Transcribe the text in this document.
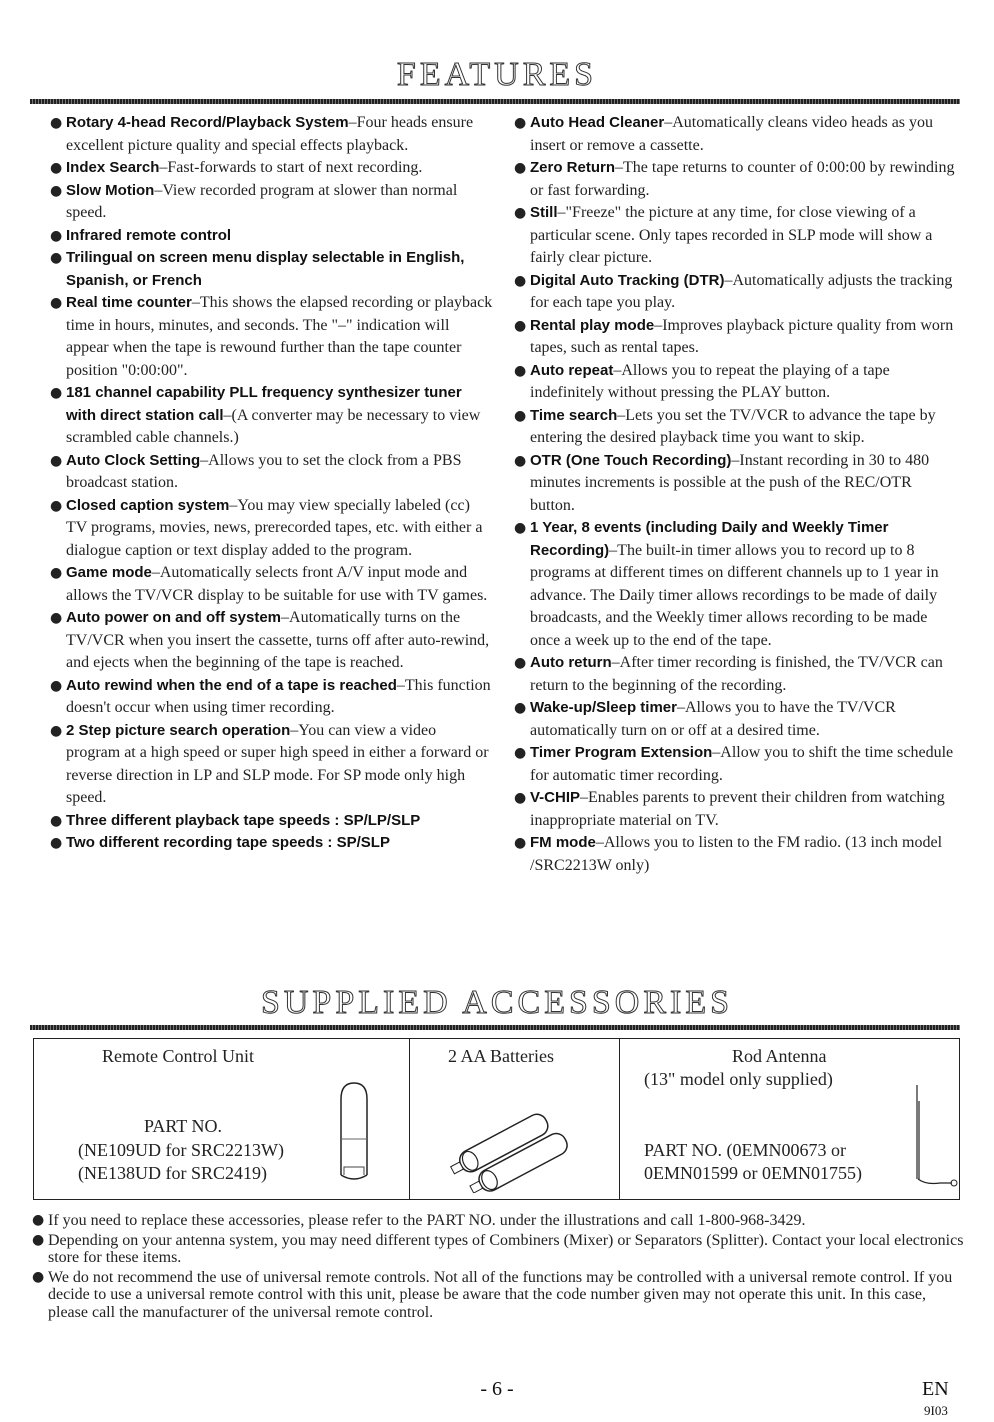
FEATURES
● Rotary 4-head Record/Playback System–Four heads ensure excellent picture quality and special effects playback.
● Index Search–Fast-forwards to start of next recording.
● Slow Motion–View recorded program at slower than normal speed.
● Infrared remote control
● Trilingual on screen menu display selectable in English, Spanish, or French
● Real time counter–This shows the elapsed recording or playback time in hours, minutes, and seconds. The "–" indication will appear when the tape is rewound further than the tape counter position "0:00:00".
● 181 channel capability PLL frequency synthesizer tuner with direct station call–(A converter may be necessary to view scrambled cable channels.)
● Auto Clock Setting–Allows you to set the clock from a PBS broadcast station.
● Closed caption system–You may view specially labeled (cc) TV programs, movies, news, prerecorded tapes, etc. with either a dialogue caption or text display added to the program.
● Game mode–Automatically selects front A/V input mode and allows the TV/VCR display to be suitable for use with TV games.
● Auto power on and off system–Automatically turns on the TV/VCR when you insert the cassette, turns off after auto-rewind, and ejects when the beginning of the tape is reached.
● Auto rewind when the end of a tape is reached–This function doesn't occur when using timer recording.
● 2 Step picture search operation–You can view a video program at a high speed or super high speed in either a forward or reverse direction in LP and SLP mode. For SP mode only high speed.
● Three different playback tape speeds : SP/LP/SLP
● Two different recording tape speeds : SP/SLP
● Auto Head Cleaner–Automatically cleans video heads as you insert or remove a cassette.
● Zero Return–The tape returns to counter of 0:00:00 by rewinding or fast forwarding.
● Still–"Freeze" the picture at any time, for close viewing of a particular scene. Only tapes recorded in SLP mode will show a fairly clear picture.
● Digital Auto Tracking (DTR)–Automatically adjusts the tracking for each tape you play.
● Rental play mode–Improves playback picture quality from worn tapes, such as rental tapes.
● Auto repeat–Allows you to repeat the playing of a tape indefinitely without pressing the PLAY button.
● Time search–Lets you set the TV/VCR to advance the tape by entering the desired playback time you want to skip.
● OTR (One Touch Recording)–Instant recording in 30 to 480 minutes increments is possible at the push of the REC/OTR button.
● 1 Year, 8 events (including Daily and Weekly Timer Recording)–The built-in timer allows you to record up to 8 programs at different times on different channels up to 1 year in advance. The Daily timer allows recordings to be made of daily broadcasts, and the Weekly timer allows recording to be made once a week up to the end of the tape.
● Auto return–After timer recording is finished, the TV/VCR can return to the beginning of the recording.
● Wake-up/Sleep timer–Allows you to have the TV/VCR automatically turn on or off at a desired time.
● Timer Program Extension–Allow you to shift the time schedule for automatic timer recording.
● V-CHIP–Enables parents to prevent their children from watching inappropriate material on TV.
● FM mode–Allows you to listen to the FM radio. (13 inch model /SRC2213W only)
SUPPLIED ACCESSORIES
Remote Control Unit
PART NO.
(NE109UD for SRC2213W)
(NE138UD for SRC2419)

2 AA Batteries	Rod Antenna
(13" model only supplied)
PART NO. (0EMN00673 or
0EMN01599 or 0EMN01755)
● If you need to replace these accessories, please refer to the PART NO. under the illustrations and call 1-800-968-3429.
● Depending on your antenna system, you may need different types of Combiners (Mixer) or Separators (Splitter). Contact your local electronics store for these items.
● We do not recommend the use of universal remote controls. Not all of the functions may be controlled with a universal remote control. If you decide to use a universal remote control with this unit, please be aware that the code number given may not operate this unit. In this case, please call the manufacturer of the universal remote control.
- 6 -	EN
9I03
